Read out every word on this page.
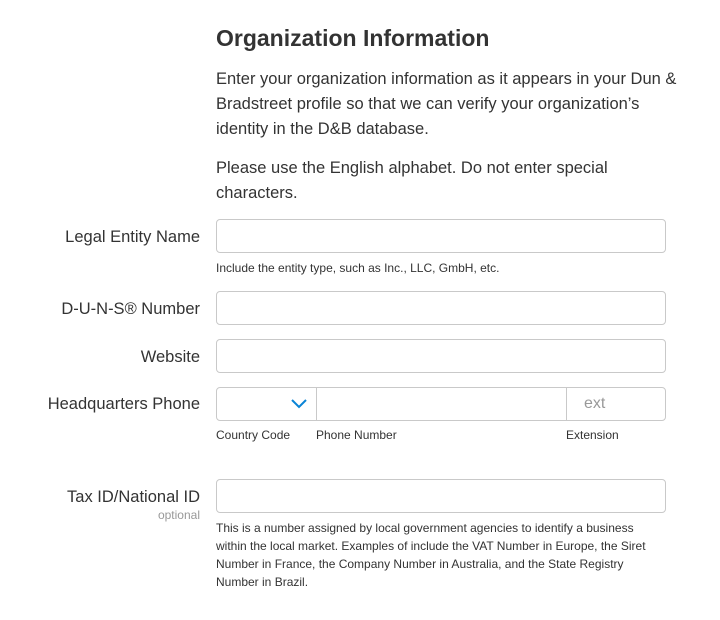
Organization Information
Enter your organization information as it appears in your Dun & Bradstreet profile so that we can verify your organization’s identity in the D&B database.
Please use the English alphabet. Do not enter special characters.
Legal Entity Name
Include the entity type, such as Inc., LLC, GmbH, etc.
D-U-N-S® Number
Website
Headquarters Phone	ext
Country Code Phone Number	Extension
Tax ID/National ID
optional
This is a number assigned by local government agencies to identify a business within the local market. Examples of include the VAT Number in Europe, the Siret Number in France, the Company Number in Australia, and the State Registry Number in Brazil.
